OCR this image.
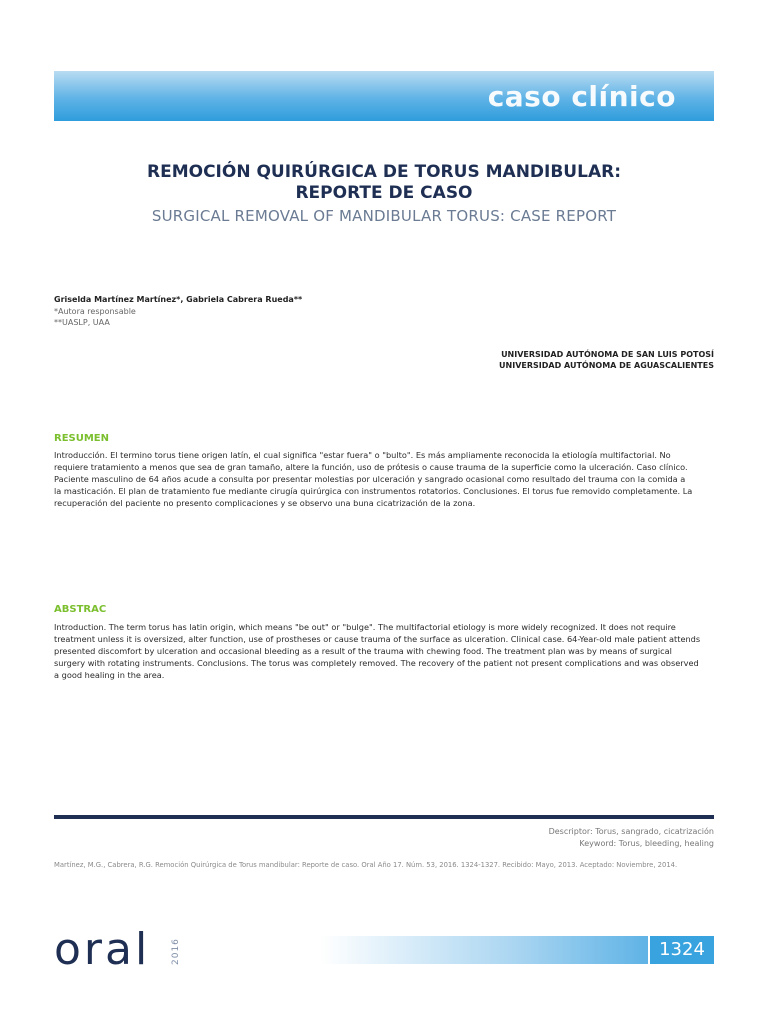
caso clínico
REMOCIÓN QUIRÚRGICA DE TORUS MANDIBULAR:
REPORTE DE CASO
SURGICAL REMOVAL OF MANDIBULAR TORUS: CASE REPORT
Griselda Martínez Martínez*, Gabriela Cabrera Rueda**
*Autora responsable
**UASLP, UAA
UNIVERSIDAD AUTÓNOMA DE SAN LUIS POTOSÍ
UNIVERSIDAD AUTÓNOMA DE AGUASCALIENTES
RESUMEN
Introducción. El termino torus tiene origen latín, el cual significa "estar fuera" o "bulto". Es más ampliamente reconocida la etiología multifactorial. No
requiere tratamiento a menos que sea de gran tamaño, altere la función, uso de prótesis o cause trauma de la superficie como la ulceración. Caso clínico.
Paciente masculino de 64 años acude a consulta por presentar molestias por ulceración y sangrado ocasional como resultado del trauma con la comida a
la masticación. El plan de tratamiento fue mediante cirugía quirúrgica con instrumentos rotatorios. Conclusiones. El torus fue removido completamente. La
recuperación del paciente no presento complicaciones y se observo una buna cicatrización de la zona.
ABSTRAC
Introduction. The term torus has latin origin, which means "be out" or "bulge". The multifactorial etiology is more widely recognized. It does not require
treatment unless it is oversized, alter function, use of prostheses or cause trauma of the surface as ulceration. Clinical case. 64-Year-old male patient attends
presented discomfort by ulceration and occasional bleeding as a result of the trauma with chewing food. The treatment plan was by means of surgical
surgery with rotating instruments. Conclusions. The torus was completely removed. The recovery of the patient not present complications and was observed
a good healing in the area.
Descriptor: Torus, sangrado, cicatrización
Keyword: Torus, bleeding, healing
Martínez, M.G., Cabrera, R.G. Remoción Quirúrgica de Torus mandibular: Reporte de caso. Oral Año 17. Núm. 53, 2016. 1324-1327. Recibido: Mayo, 2013. Aceptado: Noviembre, 2014.
oral 2016	1324
